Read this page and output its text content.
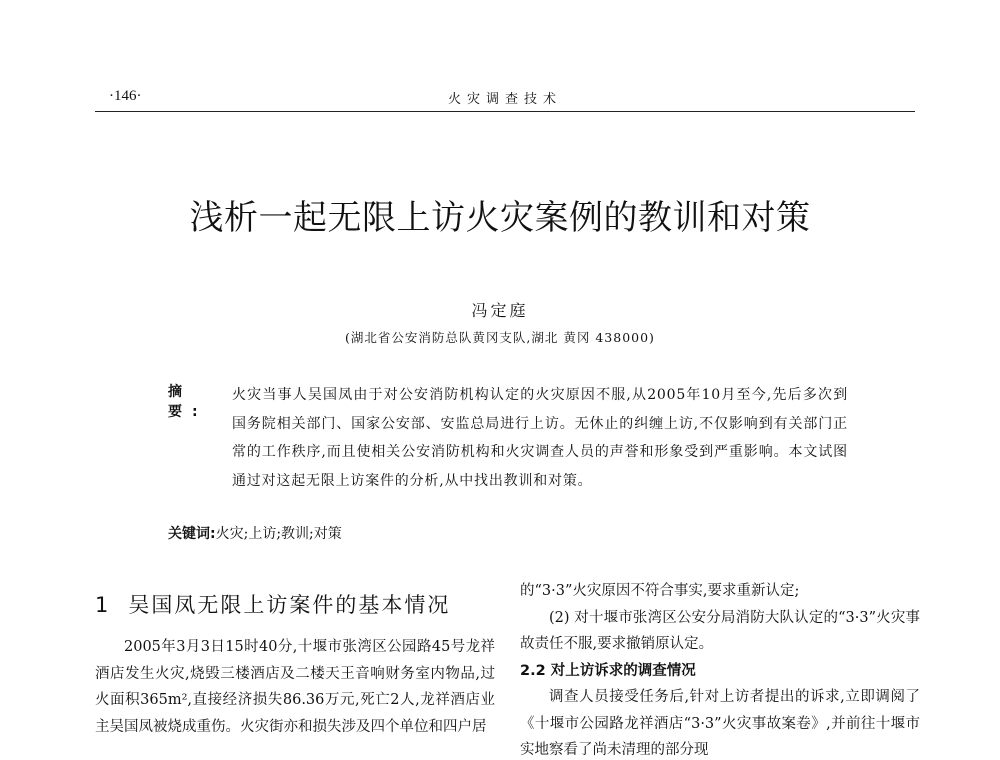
·146·	火灾调查技术
浅析一起无限上访火灾案例的教训和对策
冯定庭
(湖北省公安消防总队黄冈支队,湖北 黄冈 438000)
摘 要:
火灾当事人吴国凤由于对公安消防机构认定的火灾原因不服,从2005年10月至今,先后多次到国务院相关部门、国家公安部、安监总局进行上访。无休止的纠缠上访,不仅影响到有关部门正常的工作秩序,而且使相关公安消防机构和火灾调查人员的声誉和形象受到严重影响。本文试图通过对这起无限上访案件的分析,从中找出教训和对策。
关键词:火灾;上访;教训;对策
1 吴国凤无限上访案件的基本情况

2005年3月3日15时40分,十堰市张湾区公园路45号龙祥酒店发生火灾,烧毁三楼酒店及二楼天王音响财务室内物品,过火面积365m²,直接经济损失86.36万元,死亡2人,龙祥酒店业主吴国凤被烧成重伤。火灾街亦和损失涉及四个单位和四户居

的“3·3”火灾原因不符合事实,要求重新认定;

(2) 对十堰市张湾区公安分局消防大队认定的“3·3”火灾事故责任不服,要求撤销原认定。

2.2 对上访诉求的调查情况

调查人员接受任务后,针对上访者提出的诉求,立即调阅了《十堰市公园路龙祥酒店“3·3”火灾事故案卷》,并前往十堰市实地察看了尚未清理的部分现
